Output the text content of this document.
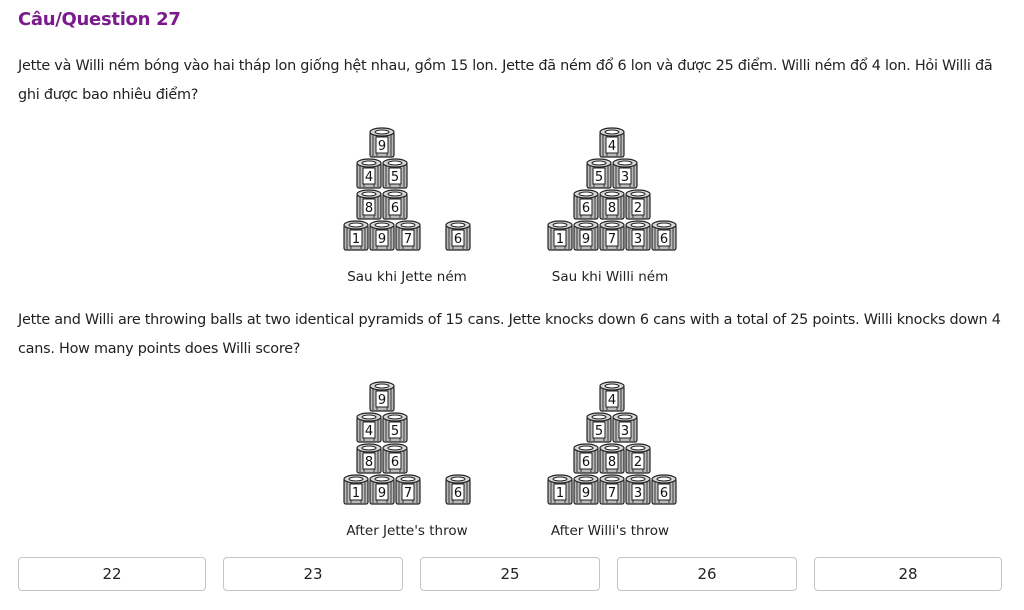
Câu/Question 27
Jette và Willi ném bóng vào hai tháp lon giống hệt nhau, gồm 15 lon. Jette đã ném đổ 6 lon và được 25 điểm. Willi ném đổ 4 lon. Hỏi Willi đã ghi được bao nhiêu điểm?
9
4 5
8 6
1 9 7	6
4
5 3
6 8 2
1 9 7 3 6
Sau khi Jette ném	Sau khi Willi ném
Jette and Willi are throwing balls at two identical pyramids of 15 cans. Jette knocks down 6 cans with a total of 25 points. Willi knocks down 4 cans. How many points does Willi score?
9
4 5
8 6
1 9 7	6
4
5 3
6 8 2
1 9 7 3 6
After Jette's throw	After Willi's throw
22	23	25	26	28
